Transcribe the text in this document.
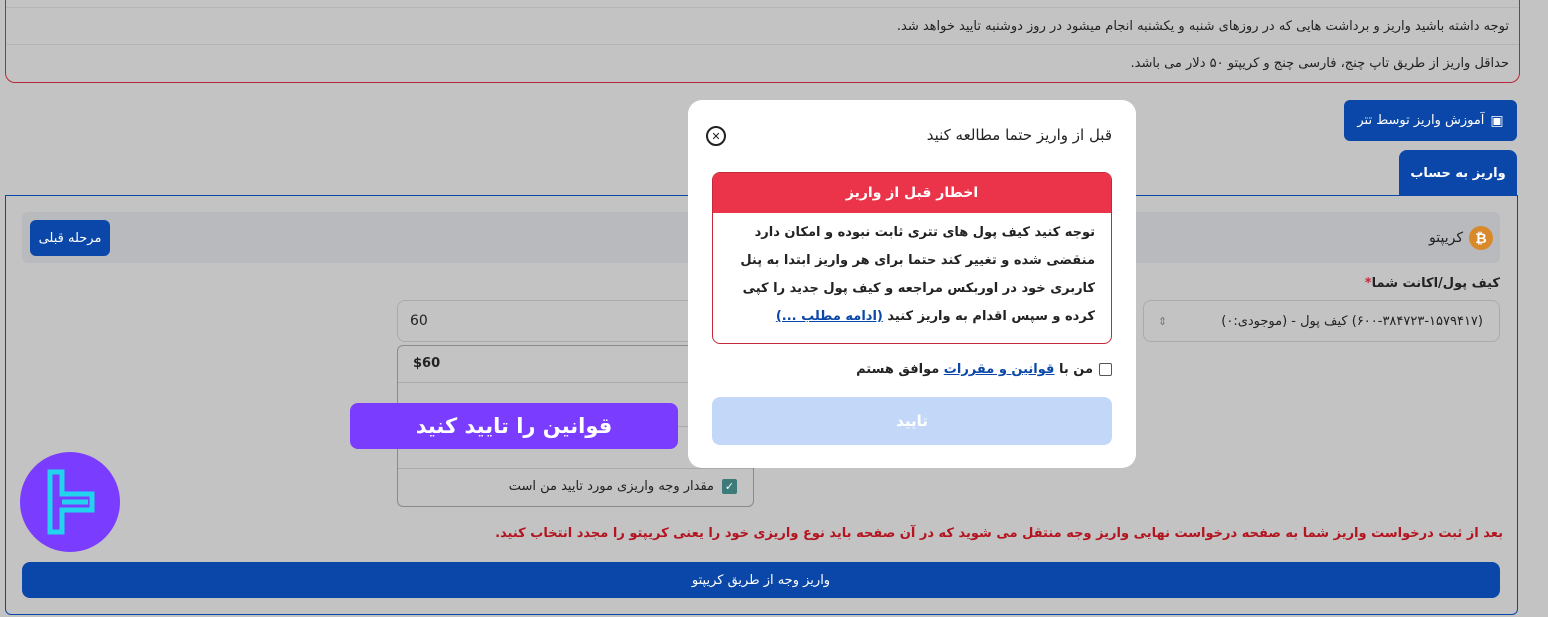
توجه داشته باشید واریز و برداشت هایی که در روزهای شنبه و یکشنبه انجام میشود در روز دوشنبه تایید خواهد شد.
حداقل واریز از طریق تاپ چنج، فارسی چنج و کریپتو ۵۰ دلار می باشد.
▣
آموزش واریز توسط تتر
واریز به حساب
₿
کریپتو
مرحله قبلی
کیف پول/اکانت شما*
(۶۰۰-۳۸۴۷۲۳-۱۵۷۹۴۱۷) کیف پول - (موجودی:۰)
⇕
60
$60
✓
مقدار وجه واریزی مورد تایید من است
بعد از ثبت درخواست واریز شما به صفحه درخواست نهایی واریز وجه منتقل می شوید که در آن صفحه باید نوع واریزی خود را یعنی کریپتو را مجدد انتخاب کنید.
واریز وجه از طریق کریپتو
قبل از واریز حتما مطالعه کنید
✕
اخطار قبل از واریز
توجه کنید کیف پول های تتری ثابت نبوده و امکان دارد منقضی شده و تغییر کند حتما برای هر واریز ابتدا به پنل کاربری خود در اوربکس مراجعه و کیف پول جدید را کپی کرده و سپس اقدام به واریز کنید (ادامه مطلب ...)
من با قوانین و مقررات موافق هستم
تایید
قوانین را تایید کنید
